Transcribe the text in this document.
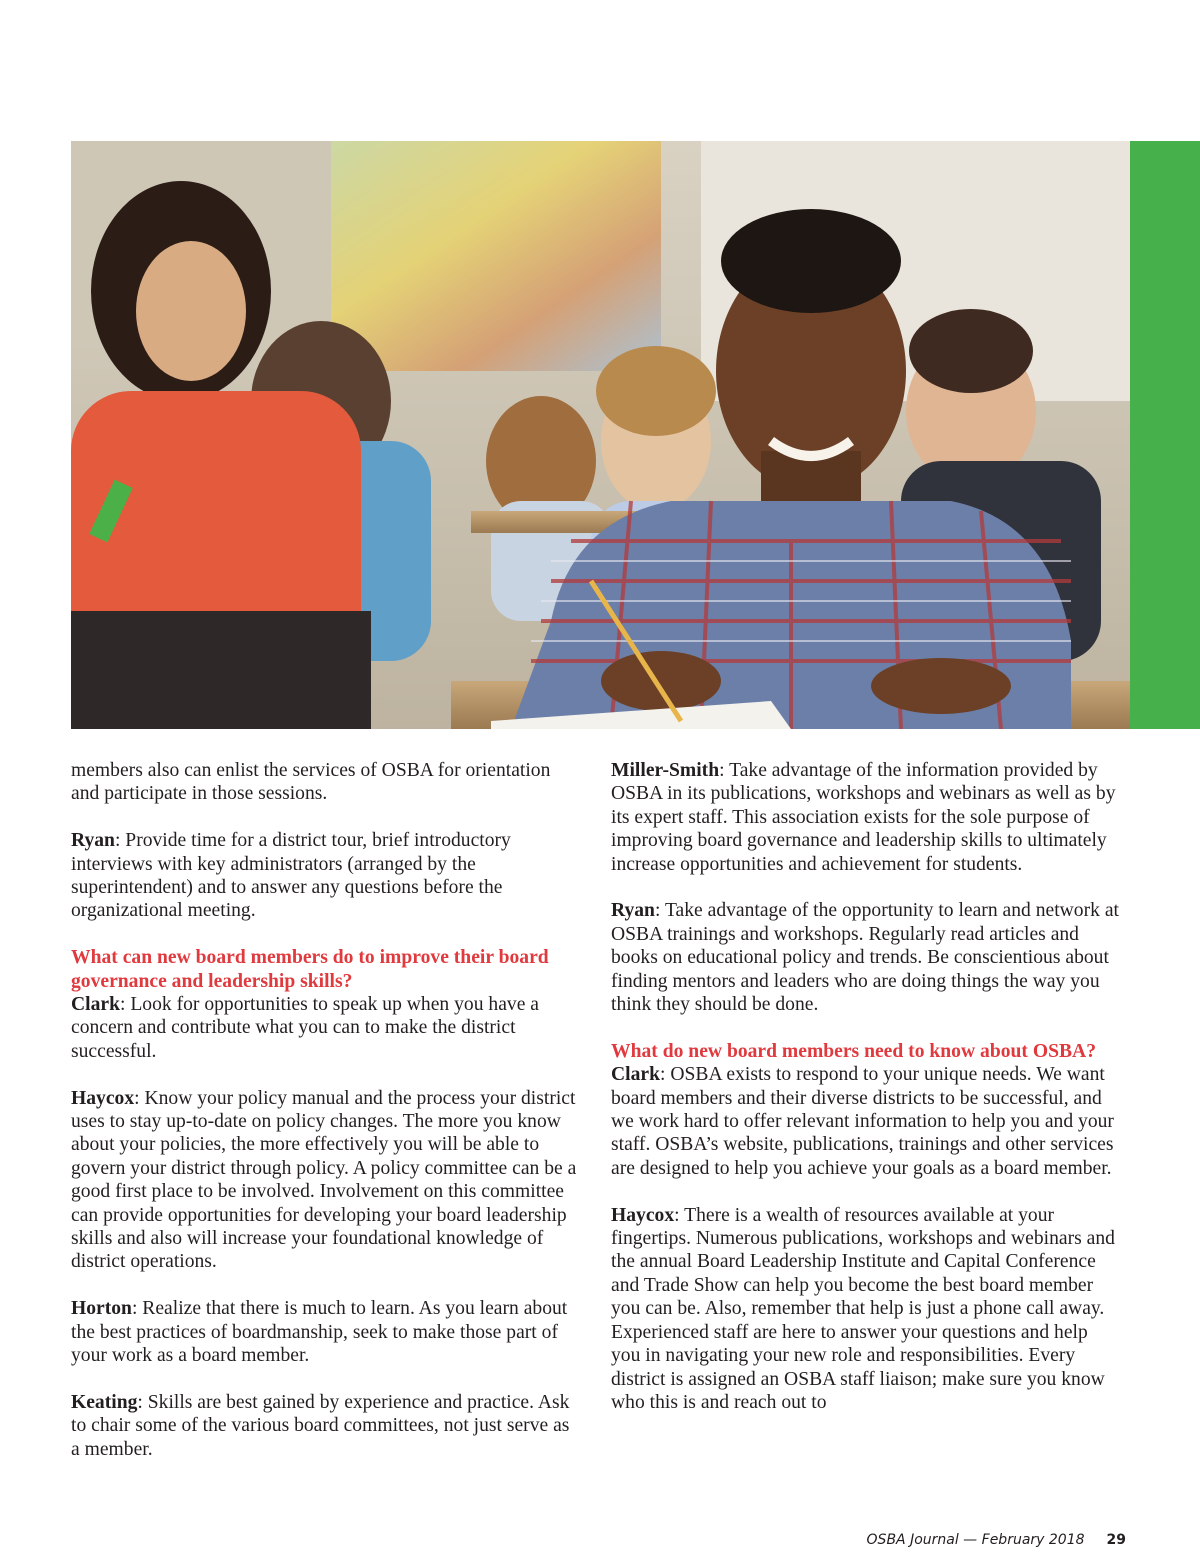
members also can enlist the services of OSBA for orientation and participate in those sessions.

Ryan: Provide time for a district tour, brief introductory interviews with key administrators (arranged by the superintendent) and to answer any questions before the organizational meeting.

What can new board members do to improve their board governance and leadership skills?

Clark: Look for opportunities to speak up when you have a concern and contribute what you can to make the district successful.

Haycox: Know your policy manual and the process your district uses to stay up-to-date on policy changes. The more you know about your policies, the more effectively you will be able to govern your district through policy. A policy committee can be a good first place to be involved. Involvement on this committee can provide opportunities for developing your board leadership skills and also will increase your foundational knowledge of district operations.

Horton: Realize that there is much to learn. As you learn about the best practices of boardmanship, seek to make those part of your work as a board member.

Keating: Skills are best gained by experience and practice. Ask to chair some of the various board committees, not just serve as a member.

Miller-Smith: Take advantage of the information provided by OSBA in its publications, workshops and webinars as well as by its expert staff. This association exists for the sole purpose of improving board governance and leadership skills to ultimately increase opportunities and achievement for students.

Ryan: Take advantage of the opportunity to learn and network at OSBA trainings and workshops. Regularly read articles and books on educational policy and trends. Be conscientious about finding mentors and leaders who are doing things the way you think they should be done.

What do new board members need to know about OSBA?

Clark: OSBA exists to respond to your unique needs. We want board members and their diverse districts to be successful, and we work hard to offer relevant information to help you and your staff. OSBA’s website, publications, trainings and other services are designed to help you achieve your goals as a board member.

Haycox: There is a wealth of resources available at your fingertips. Numerous publications, workshops and webinars and the annual Board Leadership Institute and Capital Conference and Trade Show can help you become the best board member you can be. Also, remember that help is just a phone call away. Experienced staff are here to answer your questions and help you in navigating your new role and responsibilities. Every district is assigned an OSBA staff liaison; make sure you know who this is and reach out to

OSBA Journal — February 2018 29
